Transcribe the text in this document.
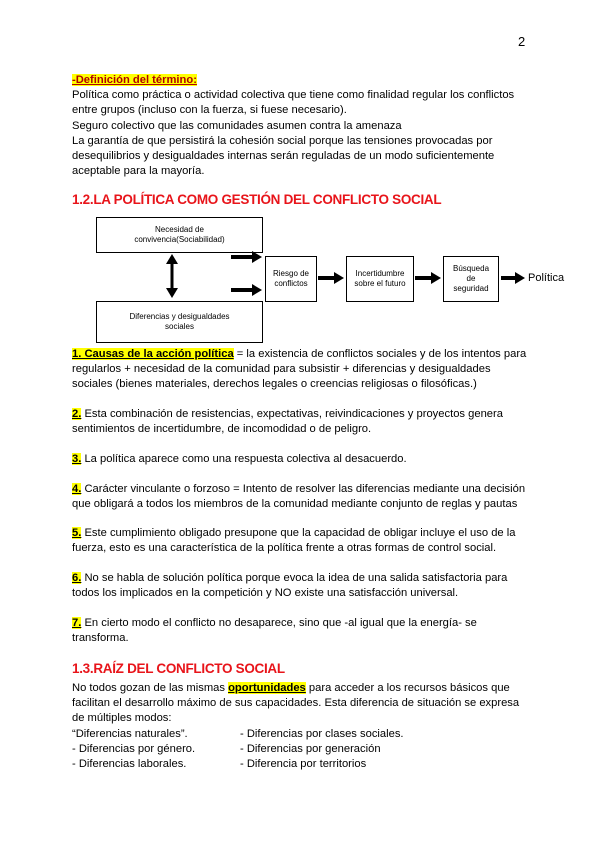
2
-Definición del término:
Política como práctica o actividad colectiva que tiene como finalidad regular los conflictos entre grupos (incluso con la fuerza, si fuese necesario).
Seguro colectivo que las comunidades asumen contra la amenaza
La garantía de que persistirá la cohesión social porque las tensiones provocadas por desequilibrios y desigualdades internas serán reguladas de un modo suficientemente aceptable para la mayoría.
1.2.LA POLÍTICA COMO GESTIÓN DEL CONFLICTO SOCIAL
Necesidad de convivencia(Sociabilidad)
Diferencias y desigualdades sociales
Riesgo de conflictos
Incertidumbre sobre el futuro
Búsqueda de seguridad
Política
1. Causas de la acción política = la existencia de conflictos sociales y de los intentos para regularlos + necesidad de la comunidad para subsistir + diferencias y desigualdades sociales (bienes materiales, derechos legales o creencias religiosas o filosóficas.)
2. Esta combinación de resistencias, expectativas, reivindicaciones y proyectos genera sentimientos de incertidumbre, de incomodidad o de peligro.
3. La política aparece como una respuesta colectiva al desacuerdo.
4. Carácter vinculante o forzoso = Intento de resolver las diferencias mediante una decisión que obligará a todos los miembros de la comunidad mediante conjunto de reglas y pautas
5. Este cumplimiento obligado presupone que la capacidad de obligar incluye el uso de la fuerza, esto es una característica de la política frente a otras formas de control social.
6. No se habla de solución política porque evoca la idea de una salida satisfactoria para todos los implicados en la competición y NO existe una satisfacción universal.
7. En cierto modo el conflicto no desaparece, sino que -al igual que la energía- se transforma.
1.3.RAÍZ DEL CONFLICTO SOCIAL
No todos gozan de las mismas oportunidades para acceder a los recursos básicos que facilitan el desarrollo máximo de sus capacidades. Esta diferencia de situación se expresa de múltiples modos:
“Diferencias naturales”.	- Diferencias por clases sociales.
- Diferencias por género.	- Diferencias por generación
- Diferencias laborales.	- Diferencia por territorios
